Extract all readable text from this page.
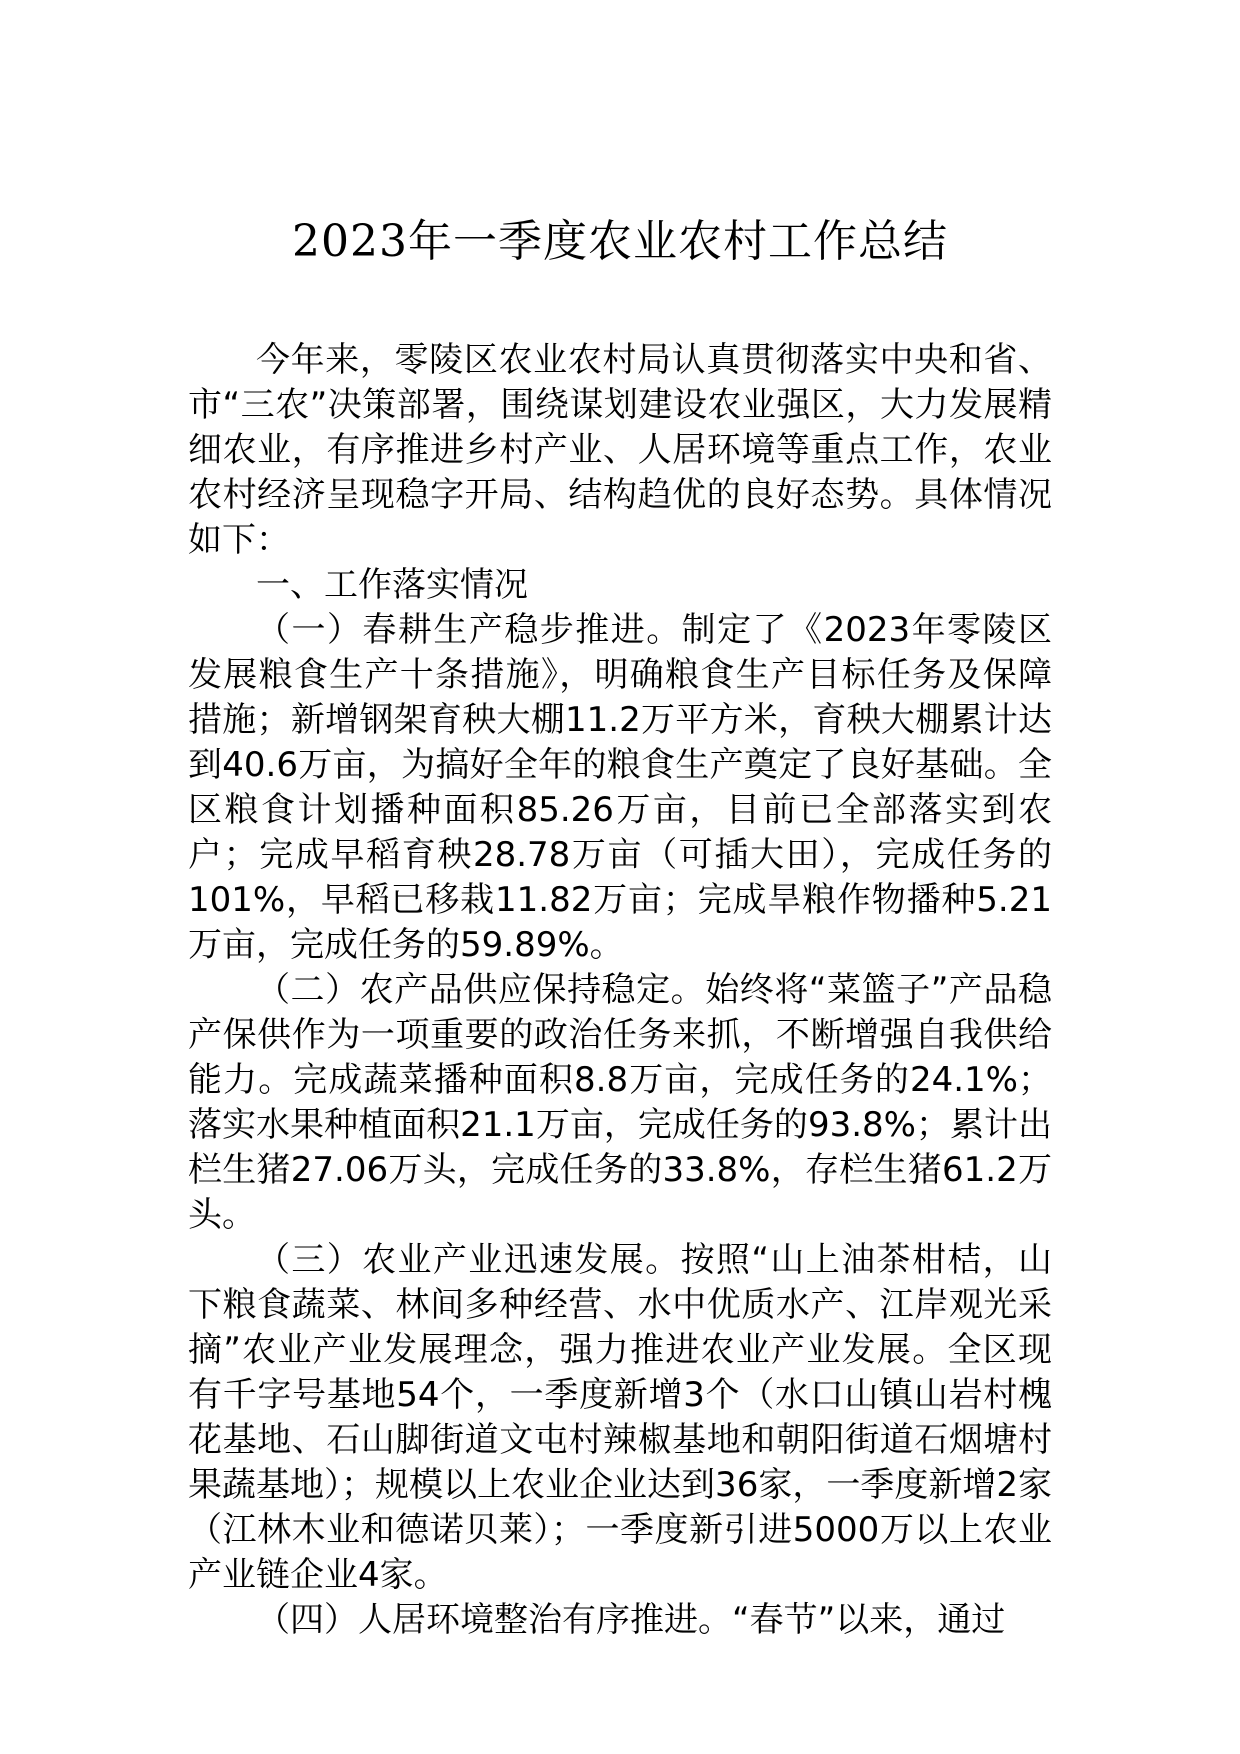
2023年一季度农业农村工作总结

今年来，零陵区农业农村局认真贯彻落实中央和省、市“三农”决策部署，围绕谋划建设农业强区，大力发展精细农业，有序推进乡村产业、人居环境等重点工作，农业农村经济呈现稳字开局、结构趋优的良好态势。具体情况如下：

一、工作落实情况

（一）春耕生产稳步推进。制定了《2023年零陵区发展粮食生产十条措施》，明确粮食生产目标任务及保障措施；新增钢架育秧大棚11.2万平方米，育秧大棚累计达到40.6万亩，为搞好全年的粮食生产奠定了良好基础。全区粮食计划播种面积85.26万亩，目前已全部落实到农户；完成早稻育秧28.78万亩（可插大田），完成任务的101%，早稻已移栽11.82万亩；完成旱粮作物播种5.21万亩，完成任务的59.89%。

（二）农产品供应保持稳定。始终将“菜篮子”产品稳产保供作为一项重要的政治任务来抓，不断增强自我供给能力。完成蔬菜播种面积8.8万亩，完成任务的24.1%；落实水果种植面积21.1万亩，完成任务的93.8%；累计出栏生猪27.06万头，完成任务的33.8%，存栏生猪61.2万头。

（三）农业产业迅速发展。按照“山上油茶柑桔，山下粮食蔬菜、林间多种经营、水中优质水产、江岸观光采摘”农业产业发展理念，强力推进农业产业发展。全区现有千字号基地54个，一季度新增3个（水口山镇山岩村槐花基地、石山脚街道文屯村辣椒基地和朝阳街道石烟塘村果蔬基地）；规模以上农业企业达到36家，一季度新增2家（江林木业和德诺贝莱）；一季度新引进5000万以上农业产业链企业4家。

（四）人居环境整治有序推进。“春节”以来，通过
